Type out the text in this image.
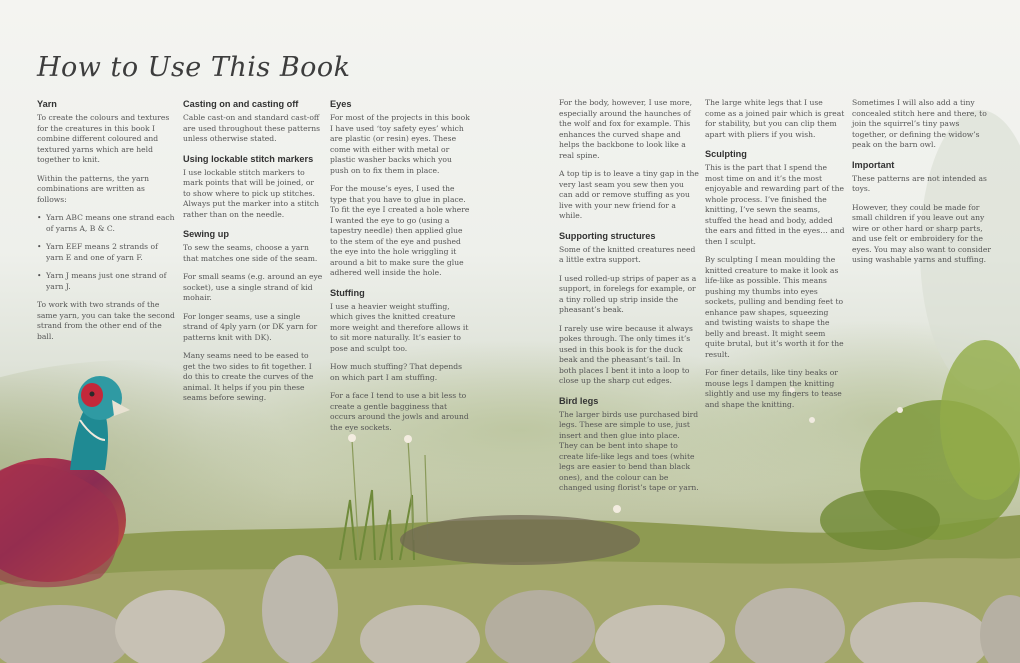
How to Use This Book
Yarn

To create the colours and textures for the creatures in this book I combine different coloured and textured yarns which are held together to knit.

Within the patterns, the yarn combinations are written as follows:

• Yarn ABC means one strand each of yarns A, B & C.
• Yarn EEF means 2 strands of yarn E and one of yarn F.
• Yarn J means just one strand of yarn J.

To work with two strands of the same yarn, you can take the second strand from the other end of the ball.

Casting on and casting off

Cable cast-on and standard cast-off are used throughout these patterns unless otherwise stated.

Using lockable stitch markers

I use lockable stitch markers to mark points that will be joined, or to show where to pick up stitches. Always put the marker into a stitch rather than on the needle.

Sewing up

To sew the seams, choose a yarn that matches one side of the seam.

For small seams (e.g. around an eye socket), use a single strand of kid mohair.

For longer seams, use a single strand of 4ply yarn (or DK yarn for patterns knit with DK).

Many seams need to be eased to get the two sides to fit together. I do this to create the curves of the animal. It helps if you pin these seams before sewing.

Eyes

For most of the projects in this book I have used ‘toy safety eyes’ which are plastic (or resin) eyes. These come with either with metal or plastic washer backs which you push on to fix them in place.

For the mouse’s eyes, I used the type that you have to glue in place. To fit the eye I created a hole where I wanted the eye to go (using a tapestry needle) then applied glue to the stem of the eye and pushed the eye into the hole wriggling it around a bit to make sure the glue adhered well inside the hole.

Stuffing

I use a heavier weight stuffing, which gives the knitted creature more weight and therefore allows it to sit more naturally. It’s easier to pose and sculpt too.

How much stuffing? That depends on which part I am stuffing.

For a face I tend to use a bit less to create a gentle bagginess that occurs around the jowls and around the eye sockets.

For the body, however, I use more, especially around the haunches of the wolf and fox for example. This enhances the curved shape and helps the backbone to look like a real spine.

A top tip is to leave a tiny gap in the very last seam you sew then you can add or remove stuffing as you live with your new friend for a while.

Supporting structures

Some of the knitted creatures need a little extra support.

I used rolled-up strips of paper as a support, in forelegs for example, or a tiny rolled up strip inside the pheasant’s beak.

I rarely use wire because it always pokes through. The only times it’s used in this book is for the duck beak and the pheasant’s tail. In both places I bent it into a loop to close up the sharp cut edges.

Bird legs

The larger birds use purchased bird legs. These are simple to use, just insert and then glue into place. They can be bent into shape to create life-like legs and toes (white legs are easier to bend than black ones), and the colour can be changed using florist’s tape or yarn.

The large white legs that I use come as a joined pair which is great for stability, but you can clip them apart with pliers if you wish.

Sculpting

This is the part that I spend the most time on and it’s the most enjoyable and rewarding part of the whole process. I’ve finished the knitting, I’ve sewn the seams, stuffed the head and body, added the ears and fitted in the eyes… and then I sculpt.

By sculpting I mean moulding the knitted creature to make it look as life-like as possible. This means pushing my thumbs into eyes sockets, pulling and bending feet to enhance paw shapes, squeezing and twisting waists to shape the belly and breast. It might seem quite brutal, but it’s worth it for the result.

For finer details, like tiny beaks or mouse legs I dampen the knitting slightly and use my fingers to tease and shape the knitting.

Sometimes I will also add a tiny concealed stitch here and there, to join the squirrel’s tiny paws together, or defining the widow’s peak on the barn owl.

Important

These patterns are not intended as toys.

However, they could be made for small children if you leave out any wire or other hard or sharp parts, and use felt or embroidery for the eyes. You may also want to consider using washable yarns and stuffing.
